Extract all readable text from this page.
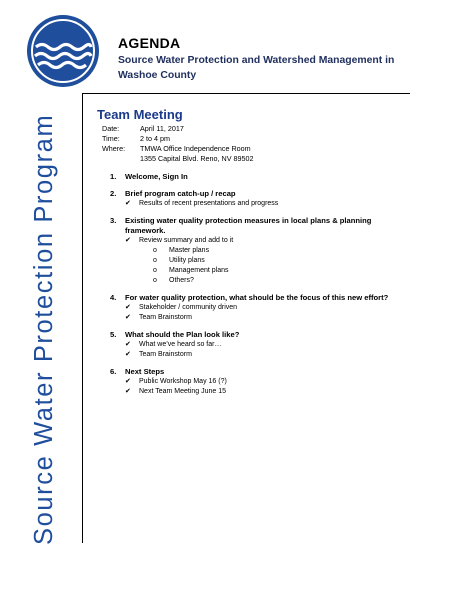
Source Water Protection Program
AGENDA
Source Water Protection and Watershed Management in Washoe County
Team Meeting
Date:	April 11, 2017
Time:	2 to 4 pm
Where:	TMWA Office Independence Room
1355 Capital Blvd. Reno, NV 89502
1.	Welcome, Sign In
2.	Brief program catch-up / recap
✔	Results of recent presentations and progress
3.	Existing water quality protection measures in local plans & planning framework.
✔	Review summary and add to it
o	Master plans
o	Utility plans
o	Management plans
o	Others?
4.	For water quality protection, what should be the focus of this new effort?
✔	Stakeholder / community driven
✔	Team Brainstorm
5.	What should the Plan look like?
✔	What we’ve heard so far…
✔	Team Brainstorm
6.	Next Steps
✔	Public Workshop May 16 (?)
✔	Next Team Meeting June 15
